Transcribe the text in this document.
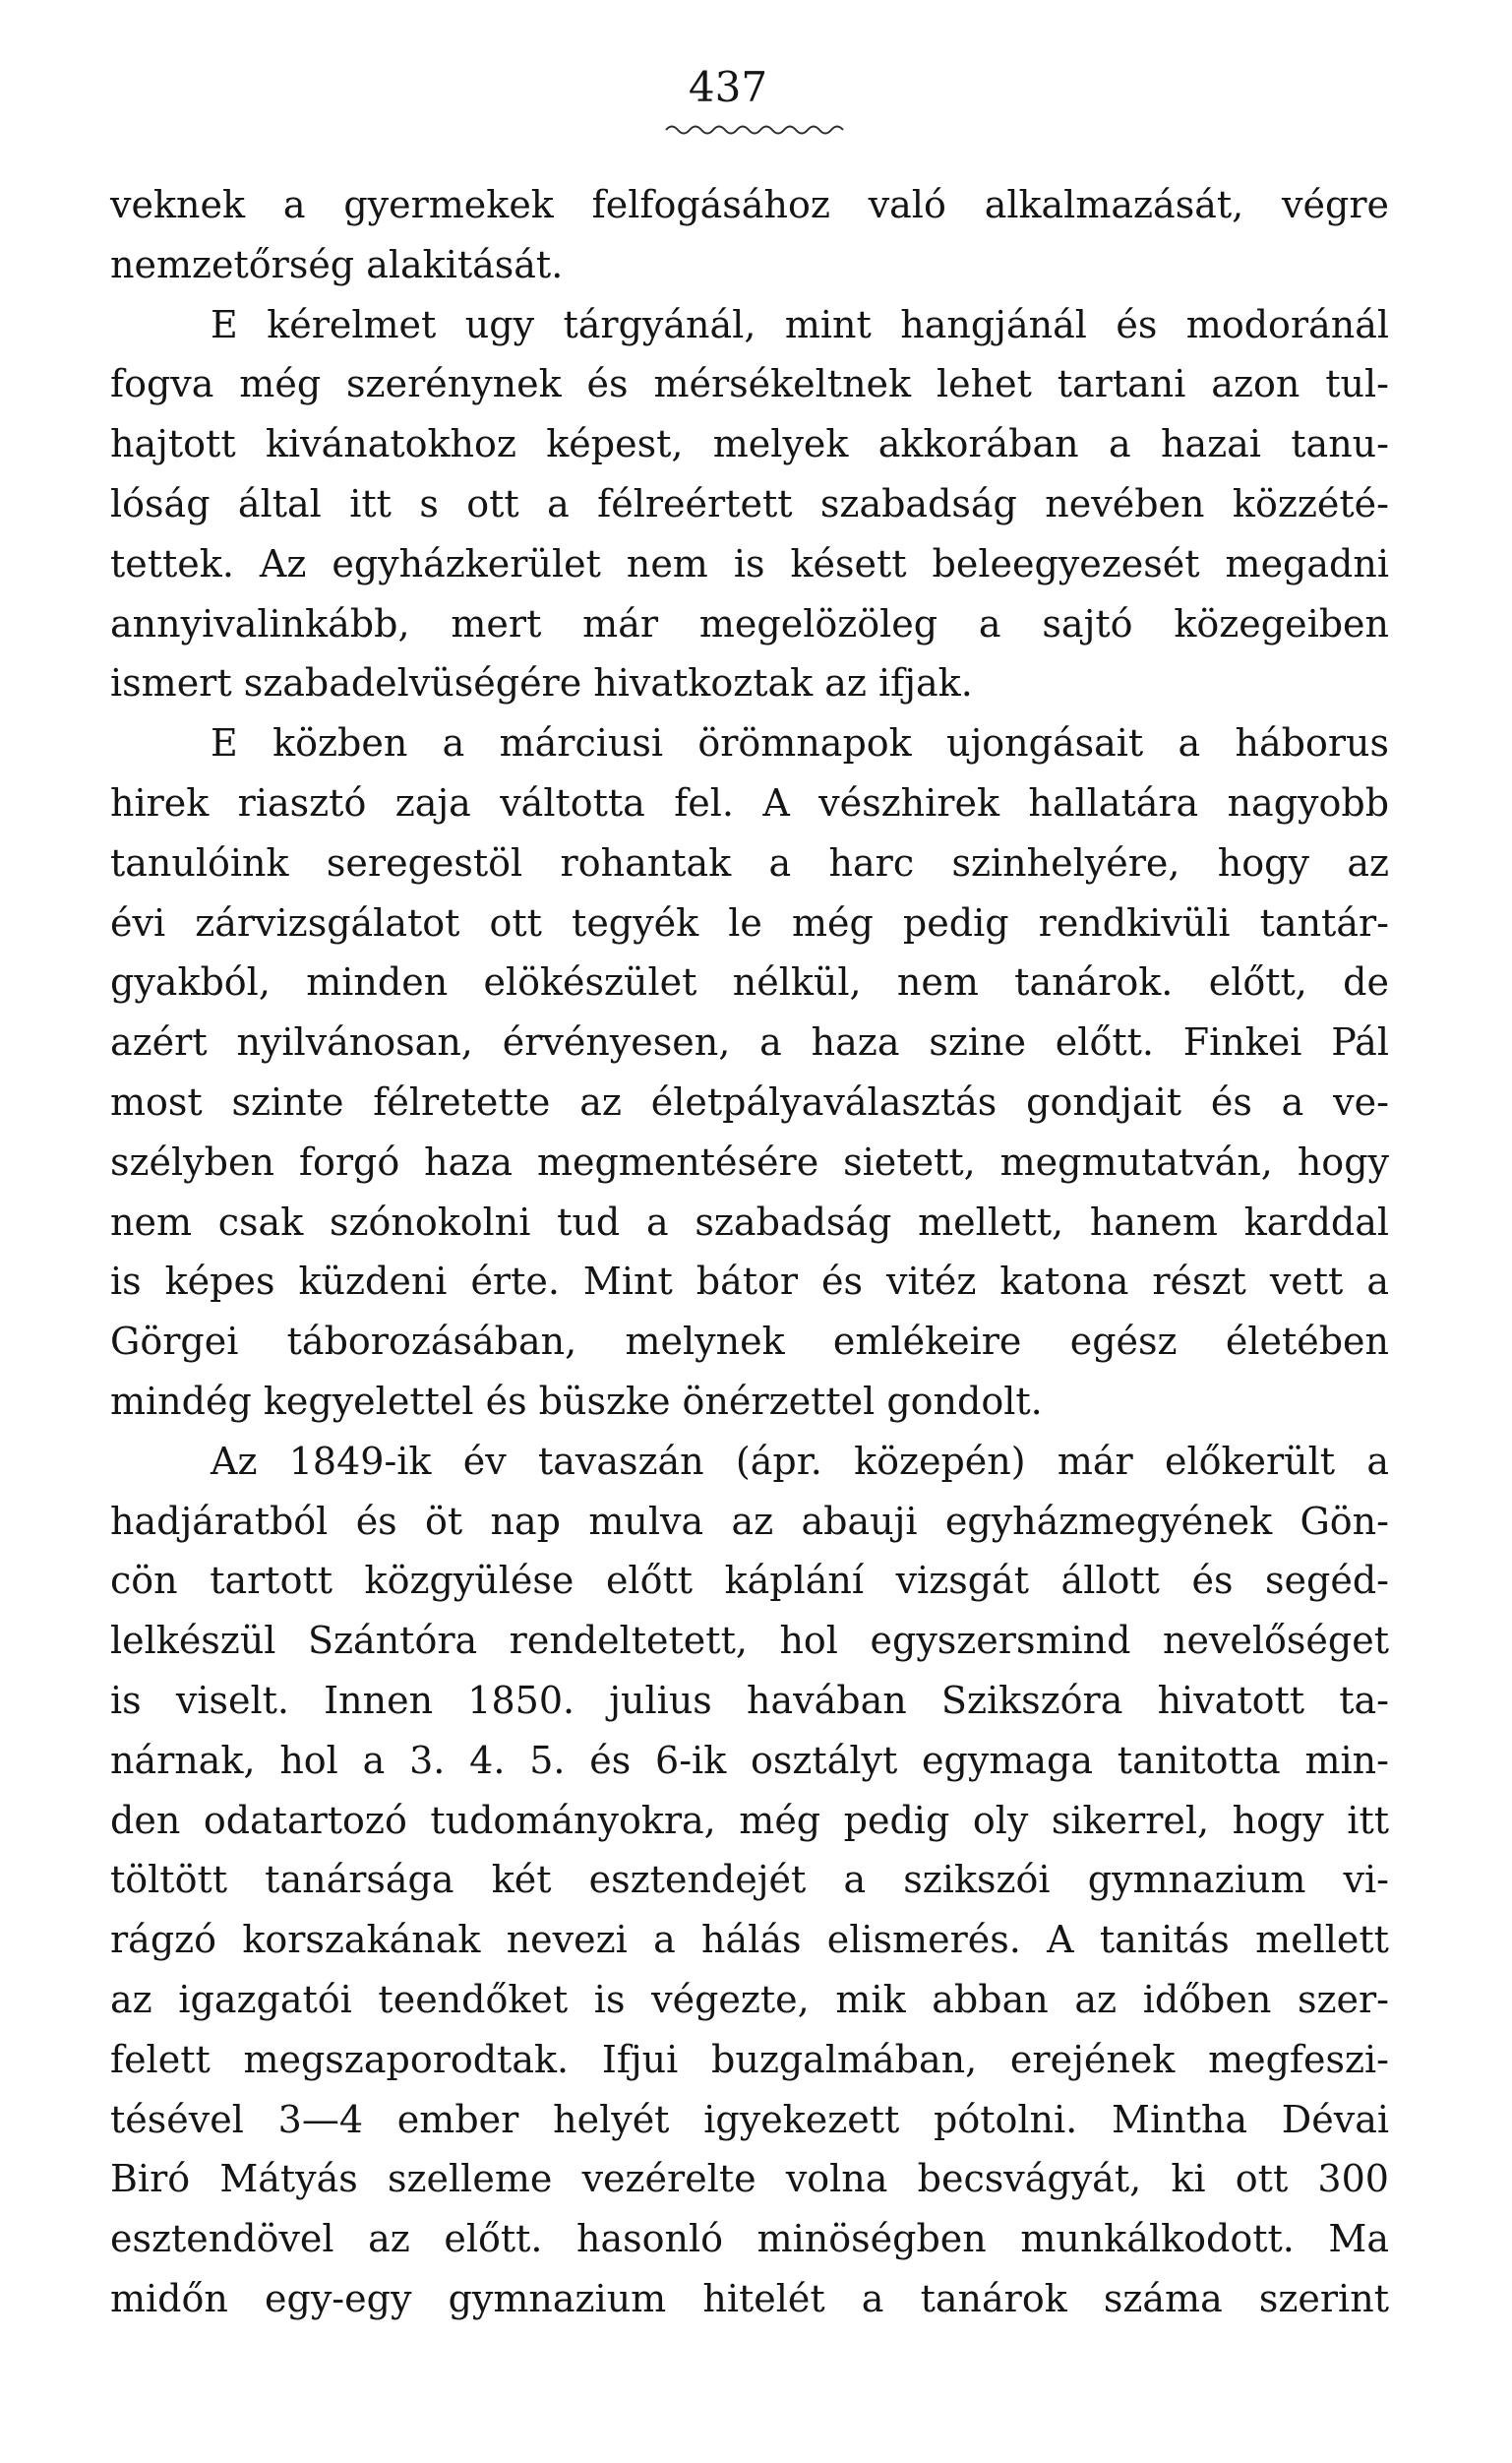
437
veknek a gyermekek felfogásához való alkalmazását, végre
nemzetőrség alakitását.
E kérelmet ugy tárgyánál, mint hangjánál és modoránál
fogva még szerénynek és mérsékeltnek lehet tartani azon tul-
hajtott kivánatokhoz képest, melyek akkorában a hazai tanu-
lóság által itt s ott a félreértett szabadság nevében közzété-
tettek. Az egyházkerület nem is késett beleegyezesét megadni
annyivalinkább, mert már megelözöleg a sajtó közegeiben
ismert szabadelvüségére hivatkoztak az ifjak.
E közben a márciusi örömnapok ujongásait a háborus
hirek riasztó zaja váltotta fel. A vészhirek hallatára nagyobb
tanulóink seregestöl rohantak a harc szinhelyére, hogy az
évi zárvizsgálatot ott tegyék le még pedig rendkivüli tantár-
gyakból, minden elökészület nélkül, nem tanárok. előtt, de
azért nyilvánosan, érvényesen, a haza szine előtt. Finkei Pál
most szinte félretette az életpályaválasztás gondjait és a ve-
szélyben forgó haza megmentésére sietett, megmutatván, hogy
nem csak szónokolni tud a szabadság mellett, hanem karddal
is képes küzdeni érte. Mint bátor és vitéz katona részt vett a
Görgei táborozásában, melynek emlékeire egész életében
mindég kegyelettel és büszke önérzettel gondolt.
Az 1849-ik év tavaszán (ápr. közepén) már előkerült a
hadjáratból és öt nap mulva az abauji egyházmegyének Gön-
cön tartott közgyülése előtt káplání vizsgát állott és segéd-
lelkészül Szántóra rendeltetett, hol egyszersmind nevelőséget
is viselt. Innen 1850. julius havában Szikszóra hivatott ta-
nárnak, hol a 3. 4. 5. és 6-ik osztályt egymaga tanitotta min-
den odatartozó tudományokra, még pedig oly sikerrel, hogy itt
töltött tanársága két esztendejét a szikszói gymnazium vi-
rágzó korszakának nevezi a hálás elismerés. A tanitás mellett
az igazgatói teendőket is végezte, mik abban az időben szer-
felett megszaporodtak. Ifjui buzgalmában, erejének megfeszi-
tésével 3—4 ember helyét igyekezett pótolni. Mintha Dévai
Biró Mátyás szelleme vezérelte volna becsvágyát, ki ott 300
esztendövel az előtt. hasonló minöségben munkálkodott. Ma
midőn egy-egy gymnazium hitelét a tanárok száma szerint
